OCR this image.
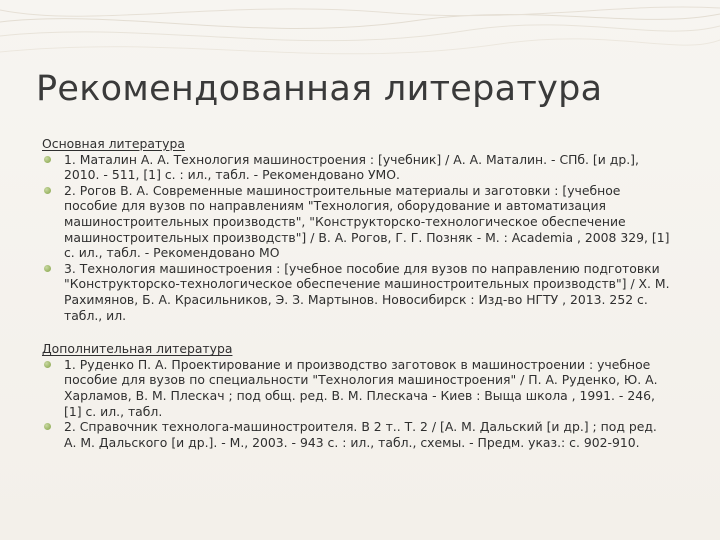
Рекомендованная литература
Основная литература
1. Маталин А. А. Технология машиностроения : [учебник] / А. А. Маталин. - СПб. [и др.], 2010. - 511, [1] с. : ил., табл. - Рекомендовано УМО.
2. Рогов В. А. Современные машиностроительные материалы и заготовки : [учебное пособие для вузов по направлениям "Технология, оборудование и автоматизация машиностроительных производств", "Конструкторско-технологическое обеспечение машиностроительных производств"] / В. А. Рогов, Г. Г. Позняк - М. : Academia , 2008 329, [1] с. ил., табл. - Рекомендовано МО
3. Технология машиностроения : [учебное пособие для вузов по направлению подготовки "Конструкторско-технологическое обеспечение машиностроительных производств"] / Х. М. Рахимянов, Б. А. Красильников, Э. З. Мартынов. Новосибирск : Изд-во НГТУ , 2013. 252 с. табл., ил.
Дополнительная литература
1. Руденко П. А. Проектирование и производство заготовок в машиностроении : учебное пособие для вузов по специальности "Технология машиностроения" / П. А. Руденко, Ю. А. Харламов, В. М. Плескач ; под общ. ред. В. М. Плескача - Киев : Выща школа , 1991. - 246, [1] с. ил., табл.
2. Справочник технолога-машиностроителя. В 2 т.. Т. 2 / [А. М. Дальский [и др.] ; под ред. А. М. Дальского [и др.]. - М., 2003. - 943 с. : ил., табл., схемы. - Предм. указ.: с. 902-910.
